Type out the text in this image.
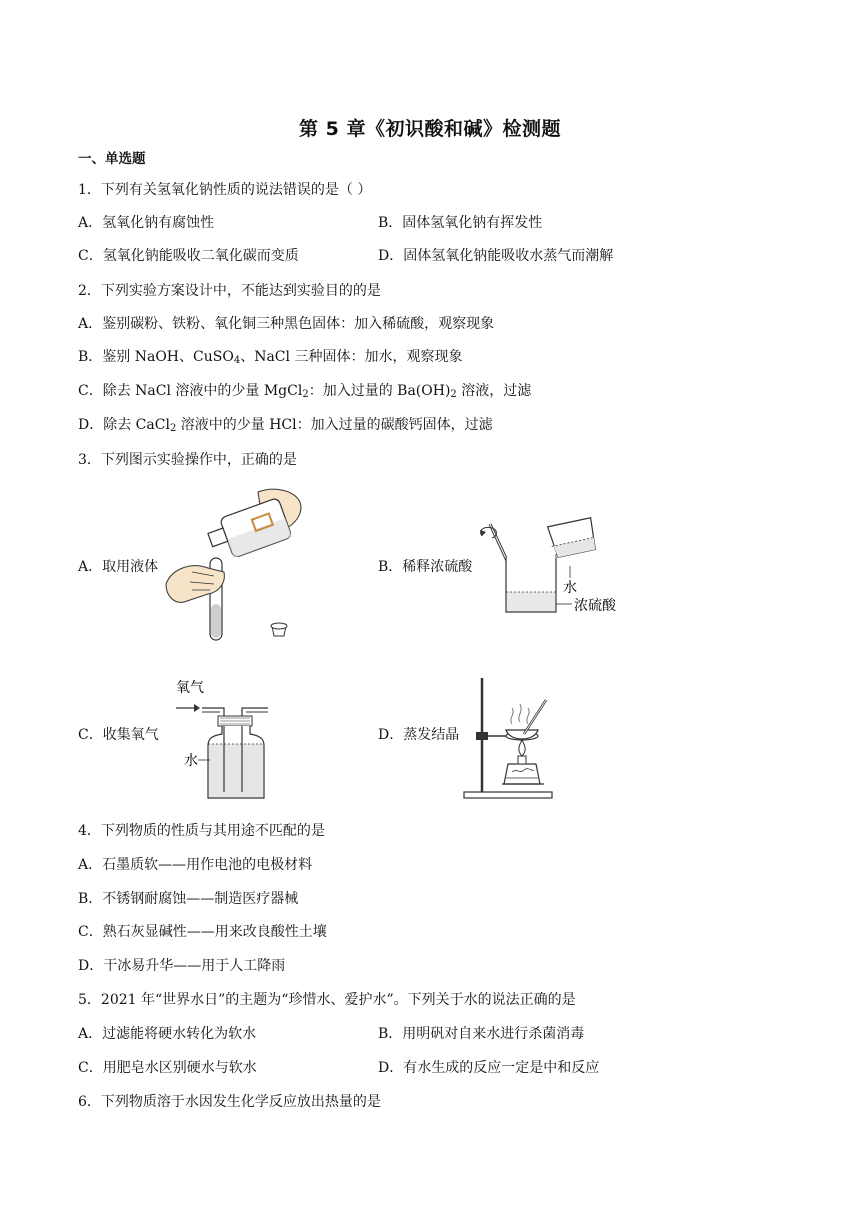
第 5 章《初识酸和碱》检测题
一、单选题
1．下列有关氢氧化钠性质的说法错误的是（ ）
A．氢氧化钠有腐蚀性	B．固体氢氧化钠有挥发性
C．氢氧化钠能吸收二氧化碳而变质	D．固体氢氧化钠能吸收水蒸气而潮解
2．下列实验方案设计中，不能达到实验目的的是
A．鉴别碳粉、铁粉、氧化铜三种黑色固体：加入稀硫酸，观察现象
B．鉴别 NaOH、CuSO$_4$、NaCl 三种固体：加水，观察现象
C．除去 NaCl 溶液中的少量 MgCl$_2$：加入过量的 $Ba(OH)_2$ 溶液，过滤
D．除去 CaCl$_2$ 溶液中的少量 HCl：加入过量的碳酸钙固体，过滤
3．下列图示实验操作中，正确的是
A．取用液体	B．稀释浓硫酸
C．收集氧气	D．蒸发结晶
水
浓硫酸
氧气
水
4．下列物质的性质与其用途不匹配的是
A．石墨质软——用作电池的电极材料
B．不锈钢耐腐蚀——制造医疗器械
C．熟石灰显碱性——用来改良酸性土壤
D．干冰易升华——用于人工降雨
5．2021 年“世界水日”的主题为“珍惜水、爱护水”。下列关于水的说法正确的是
A．过滤能将硬水转化为软水	B．用明矾对自来水进行杀菌消毒
C．用肥皂水区别硬水与软水	D．有水生成的反应一定是中和反应
6．下列物质溶于水因发生化学反应放出热量的是
